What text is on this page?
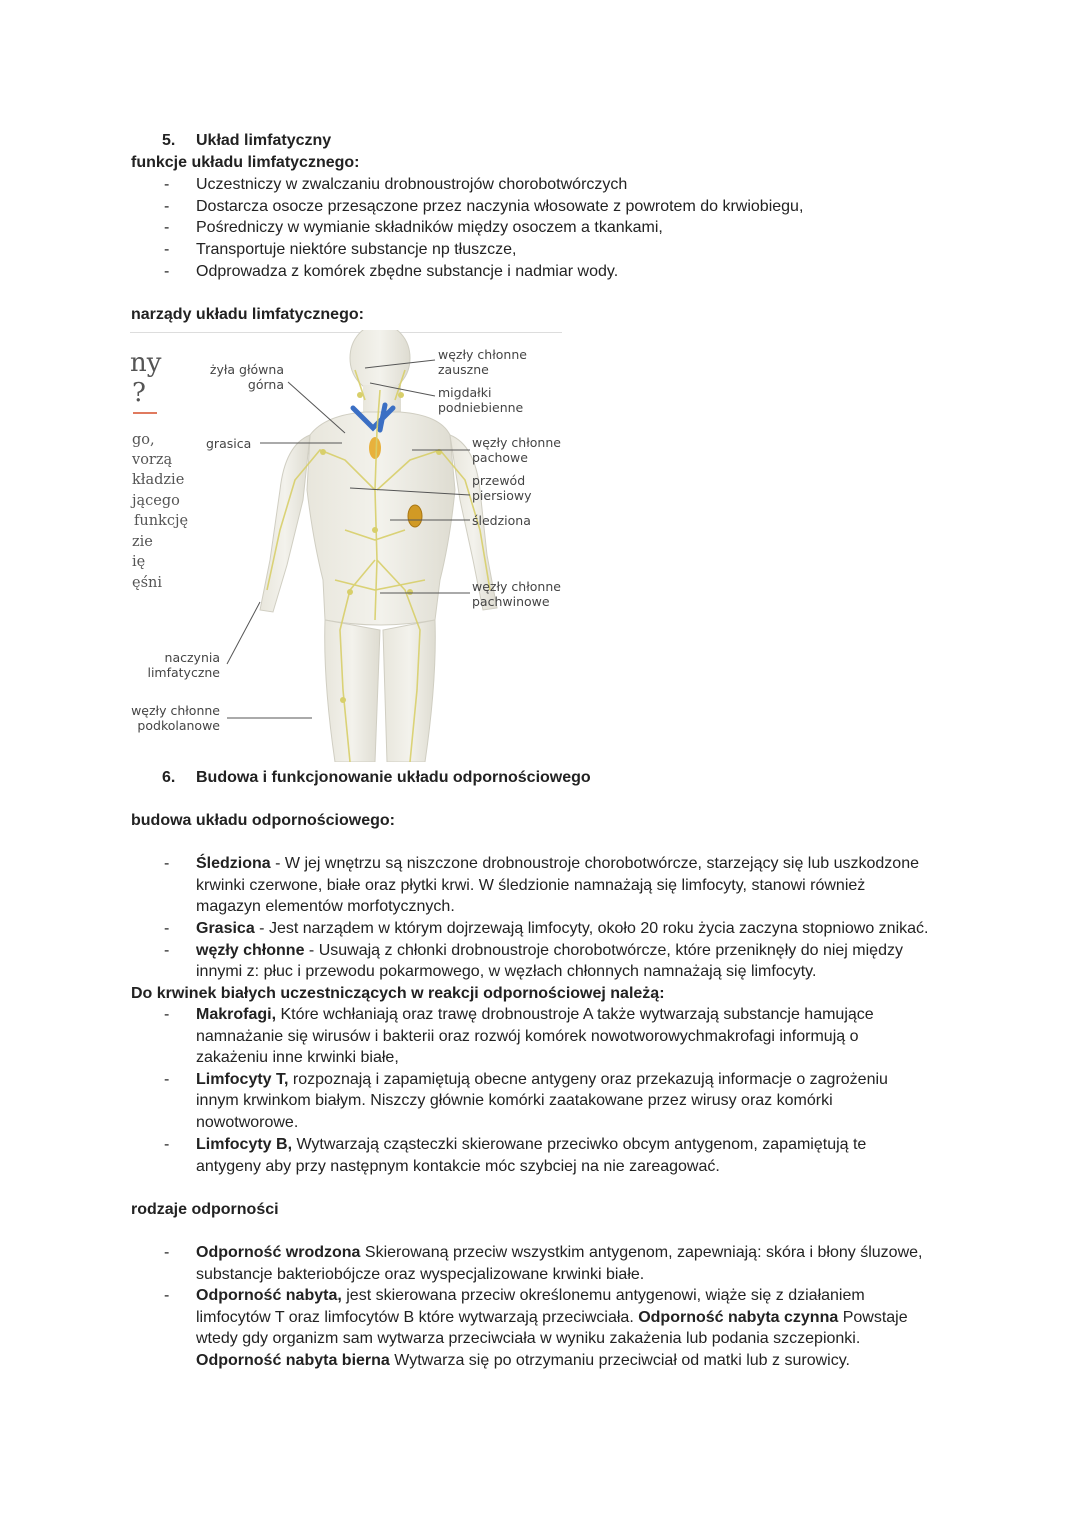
5. Układ limfatyczny
funkcje układu limfatycznego:
- Uczestniczy w zwalczaniu drobnoustrojów chorobotwórczych
- Dostarcza osocze przesączone przez naczynia włosowate z powrotem do krwiobiegu,
- Pośredniczy w wymianie składników między osoczem a tkankami,
- Transportuje niektóre substancje np tłuszcze,
- Odprowadza z komórek zbędne substancje i nadmiar wody.
narządy układu limfatycznego:
ny
?
go,
vorzą
kładzie
jącego
funkcję
zie
ię
ęśni
żyła główna
górna
grasica
naczynia
limfatyczne
węzły chłonne
podkolanowe
węzły chłonne
zauszne
migdałki
podniebienne
węzły chłonne
pachowe
przewód
piersiowy
śledziona
węzły chłonne
pachwinowe
6. Budowa i funkcjonowanie układu odpornościowego
budowa układu odpornościowego:
- Śledziona - W jej wnętrzu są niszczone drobnoustroje chorobotwórcze, starzejący się lub uszkodzone
krwinki czerwone, białe oraz płytki krwi. W śledzionie namnażają się limfocyty, stanowi również
magazyn elementów morfotycznych.
- Grasica - Jest narządem w którym dojrzewają limfocyty, około 20 roku życia zaczyna stopniowo znikać.
- węzły chłonne - Usuwają z chłonki drobnoustroje chorobotwórcze, które przeniknęły do niej między
innymi z: płuc i przewodu pokarmowego, w węzłach chłonnych namnażają się limfocyty.
Do krwinek białych uczestniczących w reakcji odpornościowej należą:
- Makrofagi, Które wchłaniają oraz trawę drobnoustroje A także wytwarzają substancje hamujące
namnażanie się wirusów i bakterii oraz rozwój komórek nowotworowychmakrofagi informują o
zakażeniu inne krwinki białe,
- Limfocyty T, rozpoznają i zapamiętują obecne antygeny oraz przekazują informacje o zagrożeniu
innym krwinkom białym. Niszczy głównie komórki zaatakowane przez wirusy oraz komórki
nowotworowe.
- Limfocyty B, Wytwarzają cząsteczki skierowane przeciwko obcym antygenom, zapamiętują te
antygeny aby przy następnym kontakcie móc szybciej na nie zareagować.
rodzaje odporności
- Odporność wrodzona Skierowaną przeciw wszystkim antygenom, zapewniają: skóra i błony śluzowe,
substancje bakteriobójcze oraz wyspecjalizowane krwinki białe.
- Odporność nabyta, jest skierowana przeciw określonemu antygenowi, wiąże się z działaniem
limfocytów T oraz limfocytów B które wytwarzają przeciwciała. Odporność nabyta czynna Powstaje
wtedy gdy organizm sam wytwarza przeciwciała w wyniku zakażenia lub podania szczepionki.
Odporność nabyta bierna Wytwarza się po otrzymaniu przeciwciał od matki lub z surowicy.
